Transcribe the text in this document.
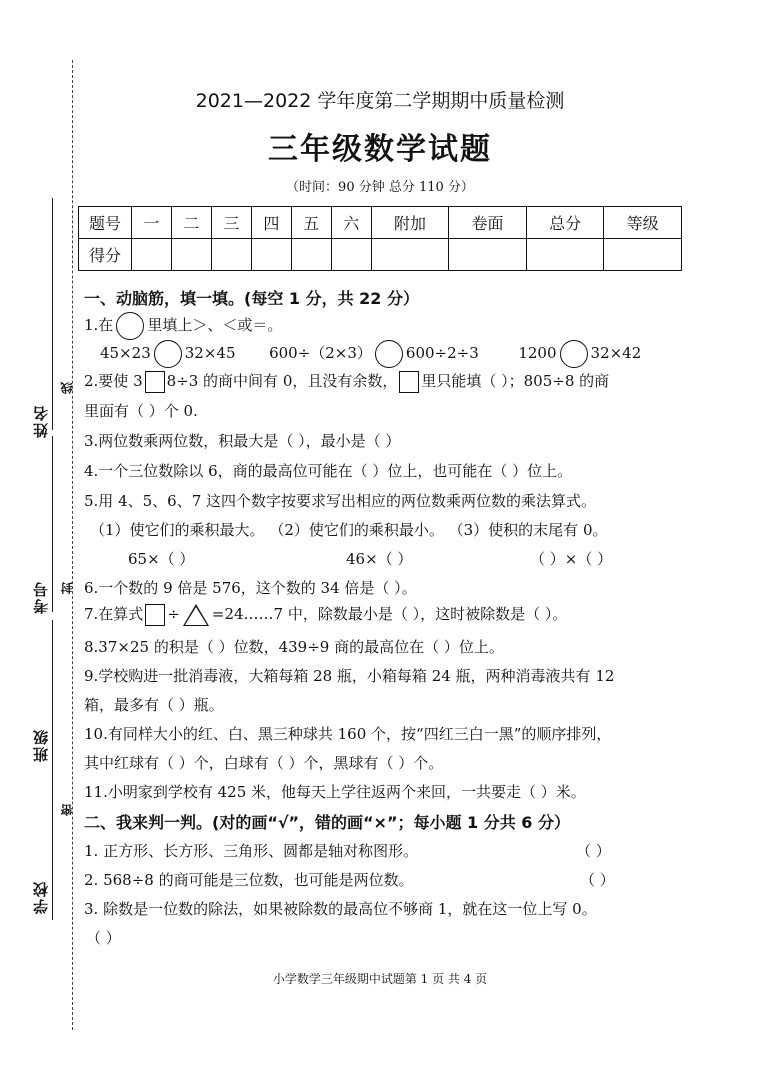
姓名
考号
班级
学校
线
封
密
2021—2022 学年度第二学期期中质量检测
三年级数学试题
（时间：90 分钟 总分 110 分）
题号	一	二	三	四	五	六	附加	卷面	总分	等级
得分										
一、动脑筋，填一填。(每空 1 分，共 22 分）
1.在 里填上＞、＜或＝。
45×23 32×45 600÷（2×3） 600÷2÷3	1200 32×42
2.要使 3 8÷3 的商中间有 0，且没有余数， 里只能填（ ）；805÷8 的商
里面有（ ）个 0.
3.两位数乘两位数，积最大是（ ），最小是（ ）
4.一个三位数除以 6，商的最高位可能在（ ）位上，也可能在（ ）位上。
5.用 4、5、6、7 这四个数字按要求写出相应的两位数乘两位数的乘法算式。
（1）使它们的乘积最大。 （2）使它们的乘积最小。 （3）使积的末尾有 0。
65×（ ）	46×（ ）	（ ）×（ ）
6.一个数的 9 倍是 576，这个数的 34 倍是（ ）。
7.在算式 ÷ =24……7 中，除数最小是（ ），这时被除数是（ ）。
8.37×25 的积是（ ）位数，439÷9 商的最高位在（ ）位上。
9.学校购进一批消毒液，大箱每箱 28 瓶，小箱每箱 24 瓶，两种消毒液共有 12
箱，最多有（ ）瓶。
10.有同样大小的红、白、黑三种球共 160 个，按“四红三白一黑”的顺序排列，
其中红球有（ ）个，白球有（ ）个，黑球有（ ）个。
11.小明家到学校有 425 米，他每天上学往返两个来回，一共要走（ ）米。
二、我来判一判。(对的画“√”，错的画“×”；每小题 1 分共 6 分）
1. 正方形、长方形、三角形、圆都是轴对称图形。	（ ）
2. 568÷8 的商可能是三位数，也可能是两位数。	（ ）
3. 除数是一位数的除法，如果被除数的最高位不够商 1，就在这一位上写 0。
（ ）
小学数学三年级期中试题第 1 页 共 4 页
